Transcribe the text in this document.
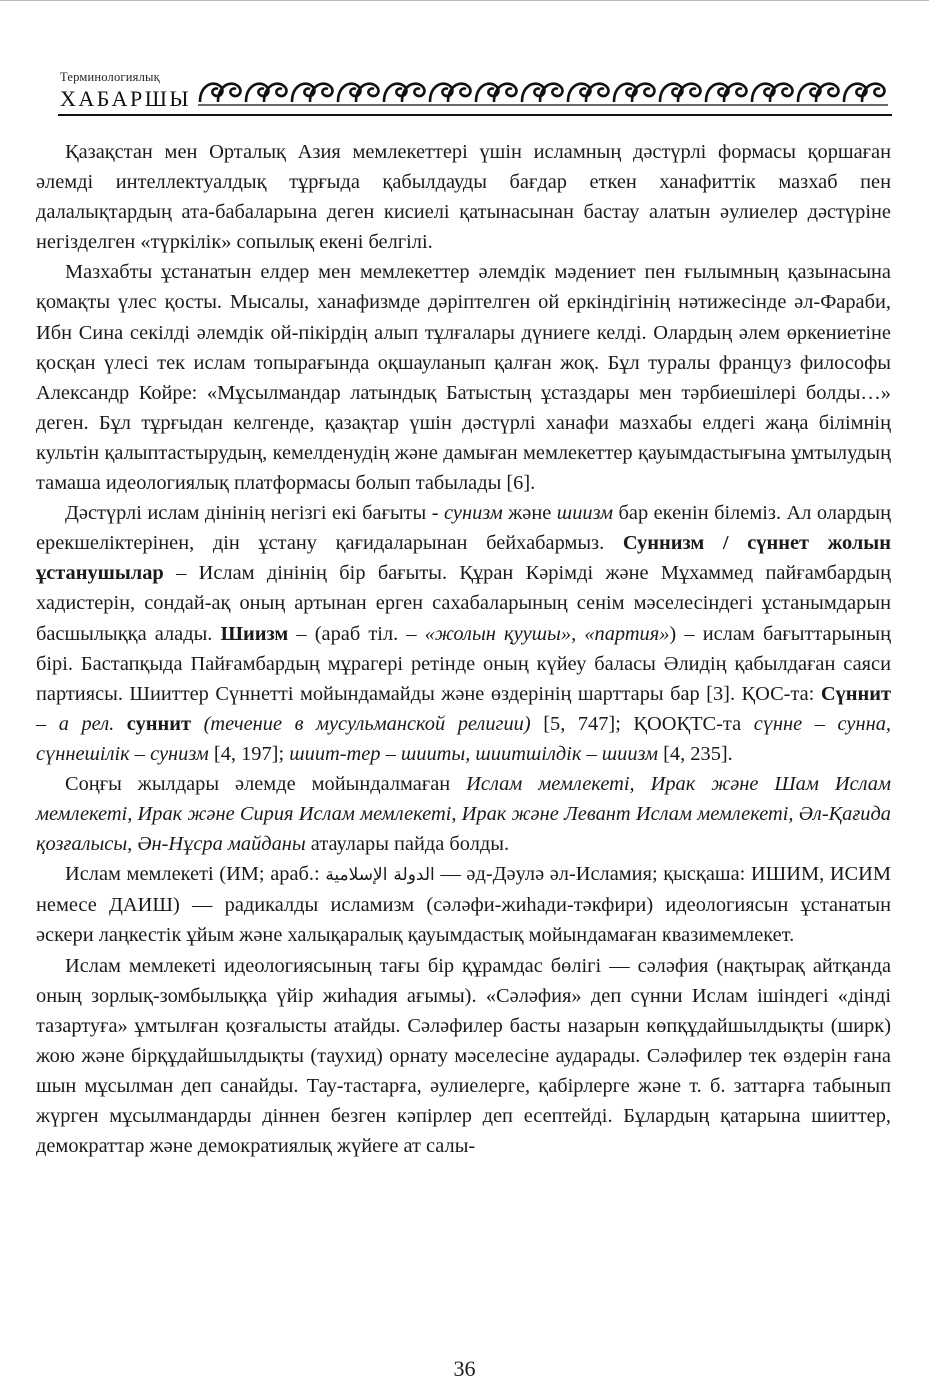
Терминологиялық
ХАБАРШЫ

Қазақстан мен Орталық Азия мемлекеттері үшін исламның дәстүрлі формасы қоршаған әлемді интеллектуалдық тұрғыда қабылдауды бағдар еткен ханафиттік мазхаб пен далалықтардың ата-бабаларына деген кисиелі қатынасынан бастау алатын әулиелер дәстүріне негізделген «түркілік» сопылық екені белгілі.

Мазхабты ұстанатын елдер мен мемлекеттер әлемдік мәдениет пен ғылымның қазынасына қомақты үлес қосты. Мысалы, ханафизмде дәріптелген ой еркіндігінің нәтижесінде әл-Фараби, Ибн Сина секілді әлемдік ой-пікірдің алып тұлғалары дүниеге келді. Олардың әлем өркениетіне қосқан үлесі тек ислам топырағында оқшауланып қалған жоқ. Бұл туралы француз философы Александр Койре: «Мұсылмандар латындық Батыстың ұстаздары мен тәрбиешілері болды…» деген. Бұл тұрғыдан келгенде, қазақтар үшін дәстүрлі ханафи мазхабы елдегі жаңа білімнің культін қалыптастырудың, кемелденудің және дамыған мемлекеттер қауымдастығына ұмтылудың тамаша идеологиялық платформасы болып табылады [6].

Дәстүрлі ислам дінінің негізгі екі бағыты - сунизм және шиизм бар екенін білеміз. Ал олардың ерекшеліктерінен, дін ұстану қағидаларынан бейхабармыз. Суннизм / сүннет жолын ұстанушылар – Ислам дінінің бір бағыты. Құран Кәрімді және Мұхаммед пайғамбардың хадистерін, сондай-ақ оның артынан ерген сахабаларының сенім мәселесіндегі ұстанымдарын басшылыққа алады. Шиизм – (араб тіл. – «жолын қуушы», «партия») – ислам бағыттарының бірі. Бастапқыда Пайғамбардың мұрагері ретінде оның күйеу баласы Әлидің қабылдаған саяси партиясы. Шииттер Сүннетті мойындамайды және өздерінің шарттары бар [3]. ҚОС-та: Сүннит – а рел. суннит (течение в мусульманской религии) [5, 747]; ҚООҚТС-та сүнне – сунна, сүннешілік – сунизм [4, 197]; шиит-тер – шииты, шиитшілдік – шиизм [4, 235].

Соңғы жылдары әлемде мойындалмаған Ислам мемлекеті, Ирак және Шам Ислам мемлекеті, Ирак және Сирия Ислам мемлекеті, Ирак және Левант Ислам мемлекеті, Әл-Қағида қозғалысы, Ән-Нұсра майданы атаулары пайда болды.

Ислам мемлекеті (ИМ; араб.: الدولة الإسلامية — әд-Дәулә әл-Исламия; қысқаша: ИШИМ, ИСИМ немесе ДАИШ) — радикалды исламизм (сәләфи-жиһади-тәкфири) идеологиясын ұстанатын әскери лаңкестік ұйым және халықаралық қауымдастық мойындамаған квазимемлекет.

Ислам мемлекеті идеологиясының тағы бір құрамдас бөлігі — сәләфия (нақтырақ айтқанда оның зорлық-зомбылыққа үйір жиһадия ағымы). «Сәләфия» деп сүнни Ислам ішіндегі «дінді тазартуға» ұмтылған қозғалысты атайды. Сәләфилер басты назарын көпқұдайшылдықты (ширк) жою және бірқұдайшылдықты (таухид) орнату мәселесіне аударады. Сәләфилер тек өздерін ғана шын мұсылман деп санайды. Тау-тастарға, әулиелерге, қабірлерге және т. б. заттарға табынып жүрген мұсылмандарды діннен безген кәпірлер деп есептейді. Бұлардың қатарына шииттер, демократтар және демократиялық жүйеге ат салы-

36
